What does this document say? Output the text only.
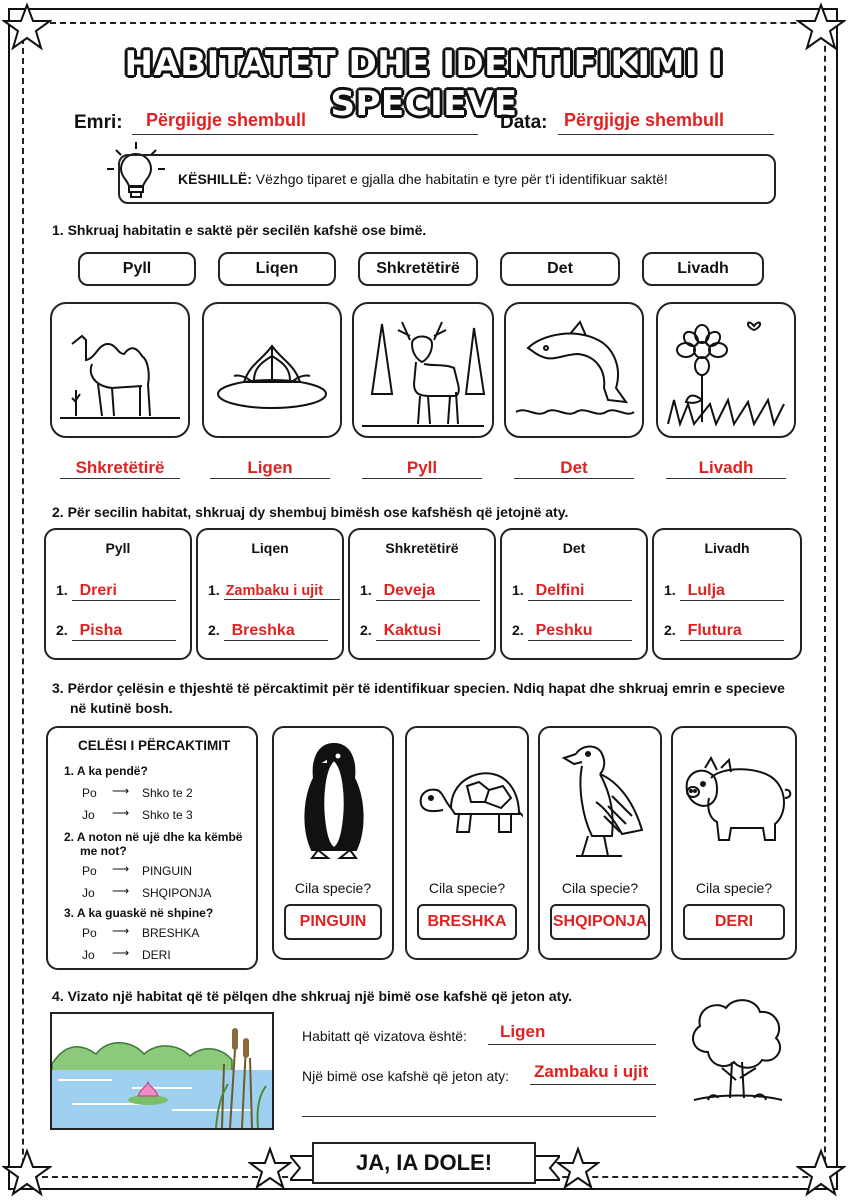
HABITATET DHE IDENTIFIKIMI I SPECIEVE
Emri:	Përgiigje shembull	Data: Përgjigje shembull
KËSHILLË:
Vëzhgo tiparet e gjalla dhe habitatin e tyre për t'i identifikuar saktë!
1. Shkruaj habitatin e saktë për secilën kafshë ose bimë.
Pyll	Liqen	Shkretëtirë	Det	Livadh
Shkretëtirë	Ligen	Pyll	Det	Livadh
2. Për secilin habitat, shkruaj dy shembuj bimësh ose kafshësh që jetojnë aty.
Pyll
1. Dreri
2. Pisha
Liqen
1. Zambaku i ujit
2. Breshka
Shkretëtirë
1. Deveja
2. Kaktusi
Det
1. Delfini
2. Peshku
Livadh
1. Lulja
2. Flutura
3. Përdor çelësin e thjeshtë të përcaktimit për të identifikuar specien. Ndiq hapat dhe shkruaj emrin e specieve
në kutinë bosh.
CELËSI I PËRCAKTIMIT
1. A ka pendë?
Po ⟶ Shko te 2
Jo ⟶ Shko te 3
2. A noton në ujë dhe ka këmbë
me not?
Po ⟶ PINGUIN
Jo ⟶ SHQIPONJA
3. A ka guaskë në shpine?
Po ⟶ BRESHKA
Jo ⟶ DERI
Cila specie?
PINGUIN
Cila specie?
BRESHKA
Cila specie?
SHQIPONJA
Cila specie?
DERI
4. Vizato një habitat që të pëlqen dhe shkruaj një bimë ose kafshë që jeton aty.
Habitatt që vizatova është:	Ligen
Një bimë ose kafshë që jeton aty: Zambaku i ujit
JA, IA DOLE!
